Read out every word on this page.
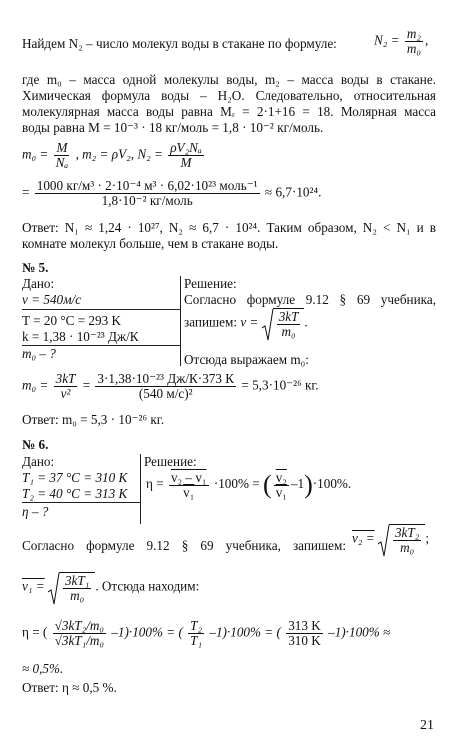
Найдем N₂ – число молекул воды в стакане по формуле:	$N_2 = \frac{\text{m₂}}{\text{m₀}}$ ,
где m₀ – масса одной молекулы воды, m₂ – масса воды в стакане.
Химическая формула воды – H₂O. Следовательно, относительная
молекулярная масса воды равна Mᵣ = 2·1+16 = 18. Молярная масса
воды равна M = 10⁻³ · 18 кг/моль = 1,8 · 10⁻² кг/моль.
$m_0 = \frac{M}{\text{Nₐ}}$ , m₂ = ρV₂, $N_2 = \frac{\text{ρV₂Nₐ}}{M}$
= $\frac{\text{1000 кг/м³ · 2·10⁻⁴ м³ · 6,02·10²³ моль⁻¹}}{\text{1,8·10⁻² кг/моль}} \approx 6,7\cdot 10^{24}$.
Ответ: N₁ ≈ 1,24 · 10²⁷, N₂ ≈ 6,7 · 10²⁴. Таким образом, N₂ < N₁ и в
комнате молекул больше, чем в стакане воды.
№ 5.
Дано:
v = 540м/с
T = 20 °C = 293 K
k = 1,38 · 10⁻²³ Дж/К
m₀ – ?
Решение:
Согласно формуле 9.12 § 69 учебника,
запишем: $v = \frac{3kT}{\text{m₀}}$ .
Отсюда выражаем m₀:
$m_0 = \frac{3kT}{\text{v²}} = \frac{\text{3·1,38·10⁻²³ Дж/К·373 К}}{\text{(540 м/с)²}} = 5,3\cdot 10^{-26}$ кг.
Ответ: m₀ = 5,3 · 10⁻²⁶ кг.
№ 6.
Дано:
T₁ = 37 °C = 310 K
T₂ = 40 °C = 313 K
η – ?
Решение:
$\eta = \frac{\text{v₂ – v₁}}{\text{v₁}} \cdot 100\%$ = ( $\frac{\text{v₂}}{\text{v₁}} -1)\cdot 100\%$.
Согласно формуле 9.12 § 69 учебника, запишем: $v_2 = \frac{\text{3kT₂}}{\text{m₀}}$ ;
$v_1 = \frac{\text{3kT₁}}{\text{m₀}}$ . Отсюда находим:
η = ( $\frac{\text{√3kT₂/m₀}}{\text{√3kT₁/m₀}} -1)\cdot 100\%$ = ( $\frac{\text{T₂}}{\text{T₁}} -1)\cdot 100\%$ = ( $\frac{313 K}{310 K} -1)\cdot 100\%$ ≈
≈ 0,5%.
Ответ: η ≈ 0,5 %.
21
